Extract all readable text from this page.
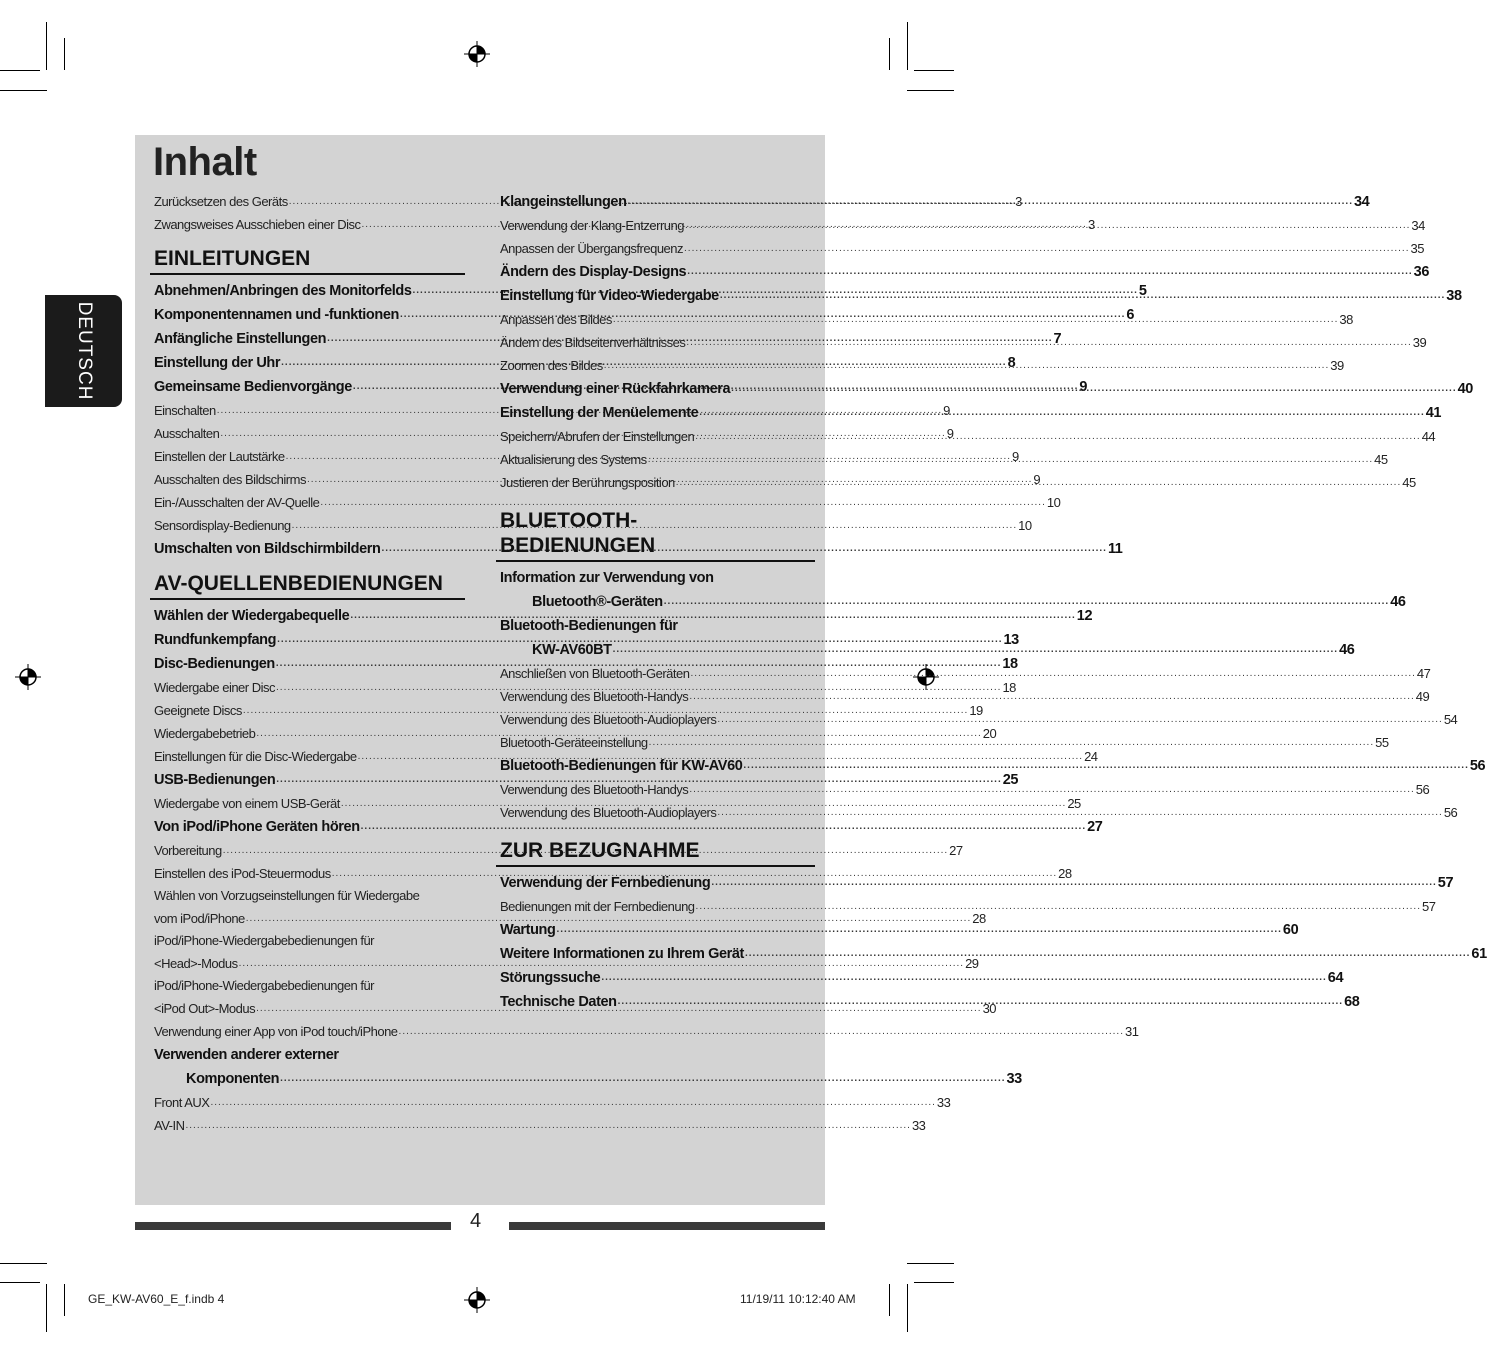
Inhalt
DEUTSCH
Zurücksetzen des Geräts .....	3
Zwangsweises Ausschieben einer Disc .....	3
EINLEITUNGEN
Abnehmen/Anbringen des Monitorfelds .....	5
Komponentennamen und -funktionen .....	6
Anfängliche Einstellungen .....	7
Einstellung der Uhr .....	8
Gemeinsame Bedienvorgänge .....	9
Einschalten .....	9
Ausschalten .....	9
Einstellen der Lautstärke .....	9
Ausschalten des Bildschirms .....	9
Ein-/Ausschalten der AV-Quelle .....	10
Sensordisplay-Bedienung .....	10
Umschalten von Bildschirmbildern .....	11
AV-QUELLENBEDIENUNGEN
Wählen der Wiedergabequelle .....	12
Rundfunkempfang .....	13
Disc-Bedienungen .....	18
Wiedergabe einer Disc .....	18
Geeignete Discs .....	19
Wiedergabebetrieb .....	20
Einstellungen für die Disc-Wiedergabe .....	24
USB-Bedienungen .....	25
Wiedergabe von einem USB-Gerät .....	25
Von iPod/iPhone Geräten hören .....	27
Vorbereitung .....	27
Einstellen des iPod-Steuermodus .....	28
Wählen von Vorzugseinstellungen für Wiedergabe
vom iPod/iPhone .....	28
iPod/iPhone-Wiedergabebedienungen für
<Head>-Modus .....	29
iPod/iPhone-Wiedergabebedienungen für
<iPod Out>-Modus .....	30
Verwendung einer App von iPod touch/iPhone .....	31
Verwenden anderer externer
Komponenten .....	33
Front AUX .....	33
AV-IN .....	33
Klangeinstellungen .....	34
Verwendung der Klang-Entzerrung .....	34
Anpassen der Übergangsfrequenz .....	35
Ändern des Display-Designs .....	36
Einstellung für Video-Wiedergabe .....	38
Anpassen des Bildes .....	38
Ändern des Bildseitenverhältnisses .....	39
Zoomen des Bildes .....	39
Verwendung einer Rückfahrkamera .....	40
Einstellung der Menüelemente .....	41
Speichern/Abrufen der Einstellungen .....	44
Aktualisierung des Systems .....	45
Justieren der Berührungsposition .....	45
BLUETOOTH-
BEDIENUNGEN
Information zur Verwendung von
Bluetooth®-Geräten .....	46
Bluetooth-Bedienungen für
KW-AV60BT .....	46
Anschließen von Bluetooth-Geräten .....	47
Verwendung des Bluetooth-Handys .....	49
Verwendung des Bluetooth-Audioplayers .....	54
Bluetooth-Geräteeinstellung .....	55
Bluetooth-Bedienungen für KW-AV60 .....	56
Verwendung des Bluetooth-Handys .....	56
Verwendung des Bluetooth-Audioplayers .....	56
ZUR BEZUGNAHME
Verwendung der Fernbedienung .....	57
Bedienungen mit der Fernbedienung .....	57
Wartung .....	60
Weitere Informationen zu Ihrem Gerät .....	61
Störungssuche .....	64
Technische Daten .....	68
4
GE_KW-AV60_E_f.indb 4	11/19/11 10:12:40 AM
